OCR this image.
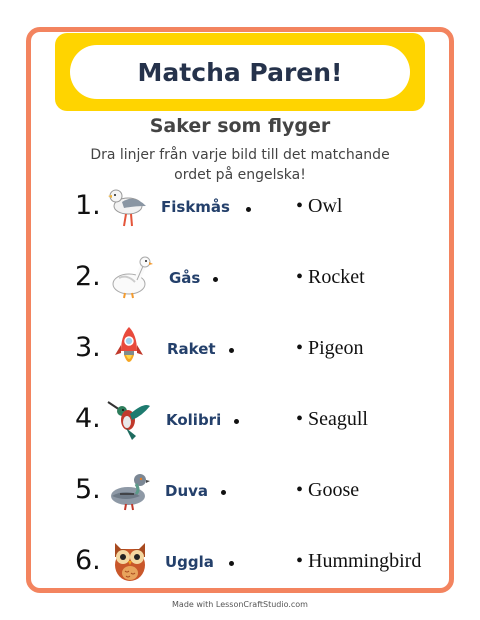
Matcha Paren!
Saker som flyger
Dra linjer från varje bild till det matchande
ordet på engelska!
1.	Fiskmås	• Owl
2.	Gås	• Rocket
3.	Raket	• Pigeon
4.	Kolibri	• Seagull
5.	Duva	• Goose
6.	Uggla	• Hummingbird
Made with LessonCraftStudio.com
